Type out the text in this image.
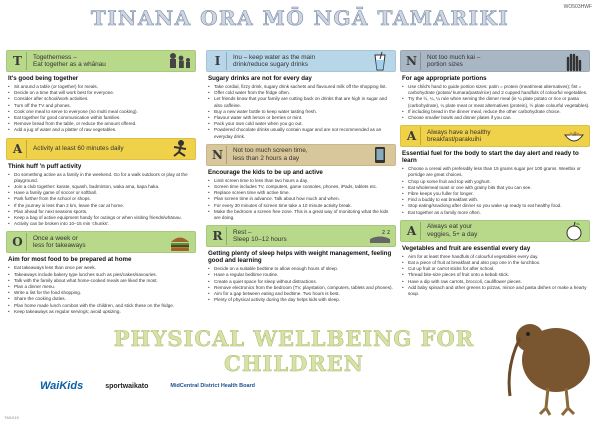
WO503HWF
TINANA ORA MŌ NGĀ TAMARIKI
T	Togetherness –
Eat together as a whānau
It's good being together
• Sit around a table (or together) for meals.
• Decide on a time that will work best for everyone.
• Consider after school/work activities.
• Turn off the TV and phones.
• Cook one meal to serve to everyone (no multi meal cooking).
• Eat together for good communication within families.
• Remove bread from the table, or reduce the amount offered.
• Add a jug of water and a platter of raw vegetables.
A	Activity at least 60 minutes daily
Think huff 'n puff activity
• Do something active as a family in the weekend. Go for a walk outdoors or play at the playground.
• Join a club together: karate, squash, badminton, waka ama, kapa haka.
• Have a family game of soccer or softball.
• Park further from the school or shops.
• If the journey is less than 2 km, leave the car at home.
• Plan ahead for next seasons sports.
• Keep a bag of active equipment handy for outings or when visiting friends/whānau.
• Activity can be broken into 10–15 min 'chunks'.
O	Once a week or
less for takeaways
Aim for most food to be prepared at home
• Eat takeaways less than once per week.
• Takeaways include bakery type lunches such as pies/cakes/savouries.
• Talk with the family about what home-cooked meals are liked the most.
• Plan a dinner menu.
• Write a list for the food shopping.
• Share the cooking duties.
• Plan home made lunch combos with the children, and stick these on the fridge.
• Keep takeaways as regular servings; avoid upsizing.
I	Inu – keep water as the main
drink/reduce sugary drinks
Sugary drinks are not for every day
• Take cordial, fizzy drink, sugary drink sachets and flavoured milk off the shopping list.
• Offer cold water from the fridge often.
• Let friends know that your family are cutting back on drinks that are high in sugar and also caffeine.
• Buy a new water bottle to keep water tasting fresh.
• Flavour water with lemon or berries or mint.
• Pack your own cold water when you go out.
• Powdered chocolate drinks usually contain sugar and are not recommended as an everyday drink.
N	Not too much screen time,
less than 2 hours a day
Encourage the kids to be up and active
• Limit screen time to less than two hours a day.
• Screen time includes TV, computers, game consoles, phones, iPads, tablets etc.
• Replace screen time with active time.
• Plan screen time in advance. Talk about how much and when.
• For every 30 minutes of screen time take a 10 minute activity break.
• Make the bedroom a screen free zone. This is a great way of monitoring what the kids are doing.
R	Rest –
Sleep 10–12 hours
z z
Getting plenty of sleep helps with weight management, feeling good and learning
• Decide on a suitable bedtime to allow enough hours of sleep.
• Have a regular bedtime routine.
• Create a quiet space for sleep without distractions.
• Remove electronics from the bedroom (TV, playstation, computers, tablets and phones).
• Aim for a gap between eating and bedtime. Two hours is best.
• Plenty of physical activity during the day helps kids with sleep.
N	Not too much kai –
portion sizes
For age appropriate portions
• Use child's hand to guide portion sizes: palm = protein (meat/meat alternatives); fist = carbohydrate (potato/ kumara/pasta/rice) and 2 cupped handfuls of colourful vegetables.
• Try the ½, ¼, ¼ rule when serving the dinner meal (ie ¼ plate potato or rice or pasta (carbohydrate), ¼ plate meat or meat alternatives (protein), ½ plate colourful vegetables).
• If including bread in the dinner meal, reduce the other carbohydrate choice.
• Choose smaller bowls and dinner plates if you can.
A	Always have a healthy
breakfast/parakuihi
Essential fuel for the body to start the day alert and ready to learn
• Choose a cereal with preferably less than 15 grams sugar per 100 grams. Weetbix or porridge are great choices.
• Chop up some fruit and top with yoghurt.
• Eat wholemeal toast or one with grainy bits that you can see.
• Fibre keeps you fuller for longer.
• Find a buddy to eat breakfast with.
• Stop eating/snacking after dinner so you wake up ready to eat healthy food.
• Eat together as a family more often.
A	Always eat your
veggies, 5+ a day
Vegetables and fruit are essential every day
• Aim for at least three handfuls of colourful vegetables every day.
• Eat a piece of fruit at breakfast and also pop one in the lunchbox.
• Cut up fruit or carrot sticks for after school.
• Thread bite-size pieces of fruit onto a kebab stick.
• Have a dip with raw carrots, broccoli, cauliflower pieces.
• Add baby spinach and other greens to pizzas, mince and pasta dishes or make a hearty soup.
PHYSICAL WELLBEING FOR CHILDREN
WaiKids	sportwaikato	MidCentral District Health Board
TM1019
